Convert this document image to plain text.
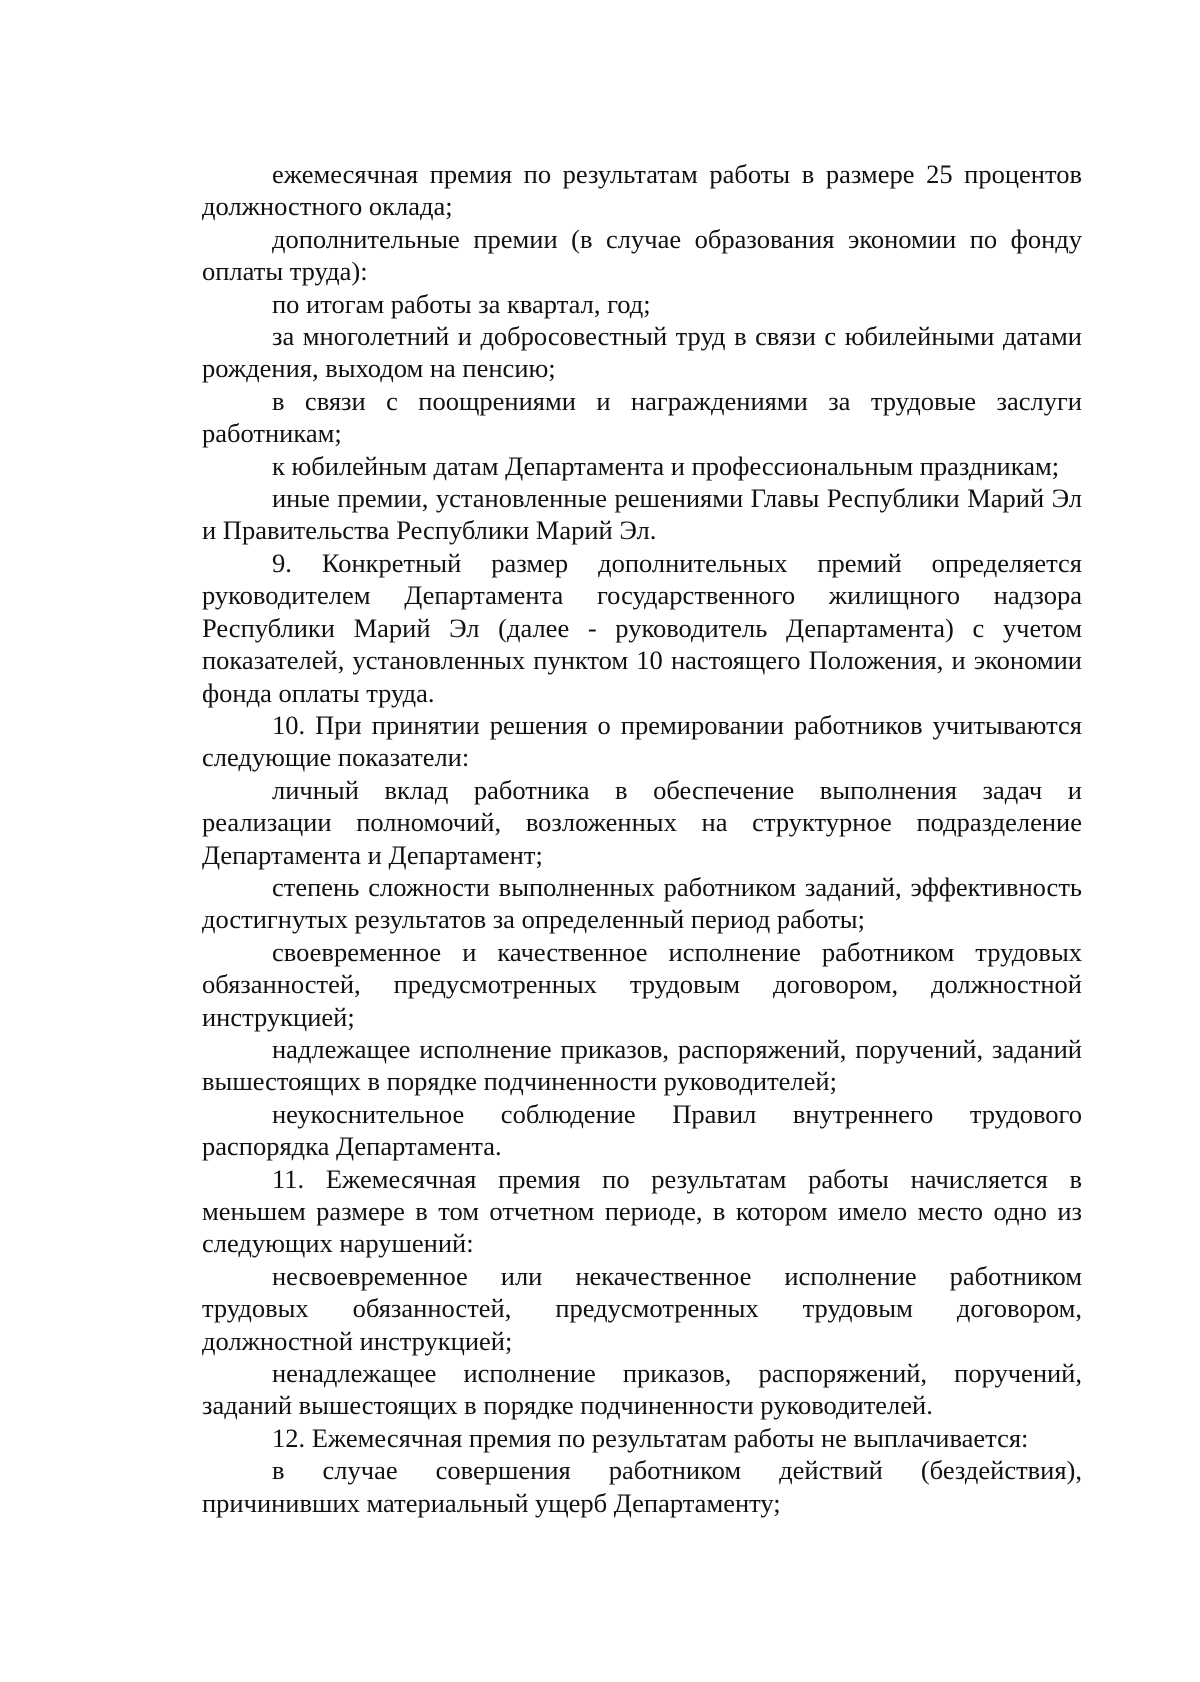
ежемесячная премия по результатам работы в размере 25 процентов должностного оклада;

дополнительные премии (в случае образования экономии по фонду оплаты труда):

по итогам работы за квартал, год;

за многолетний и добросовестный труд в связи с юбилейными датами рождения, выходом на пенсию;

в связи с поощрениями и награждениями за трудовые заслуги работникам;

к юбилейным датам Департамента и профессиональным праздникам;

иные премии, установленные решениями Главы Республики Марий Эл и Правительства Республики Марий Эл.

9. Конкретный размер дополнительных премий определяется руководителем Департамента государственного жилищного надзора Республики Марий Эл (далее - руководитель Департамента) с учетом показателей, установленных пунктом 10 настоящего Положения, и экономии фонда оплаты труда.

10. При принятии решения о премировании работников учитываются следующие показатели:

личный вклад работника в обеспечение выполнения задач и реализации полномочий, возложенных на структурное подразделение Департамента и Департамент;

степень сложности выполненных работником заданий, эффективность достигнутых результатов за определенный период работы;

своевременное и качественное исполнение работником трудовых обязанностей, предусмотренных трудовым договором, должностной инструкцией;

надлежащее исполнение приказов, распоряжений, поручений, заданий вышестоящих в порядке подчиненности руководителей;

неукоснительное соблюдение Правил внутреннего трудового распорядка Департамента.

11. Ежемесячная премия по результатам работы начисляется в меньшем размере в том отчетном периоде, в котором имело место одно из следующих нарушений:

несвоевременное или некачественное исполнение работником трудовых обязанностей, предусмотренных трудовым договором, должностной инструкцией;

ненадлежащее исполнение приказов, распоряжений, поручений, заданий вышестоящих в порядке подчиненности руководителей.

12. Ежемесячная премия по результатам работы не выплачивается:

в случае совершения работником действий (бездействия), причинивших материальный ущерб Департаменту;
